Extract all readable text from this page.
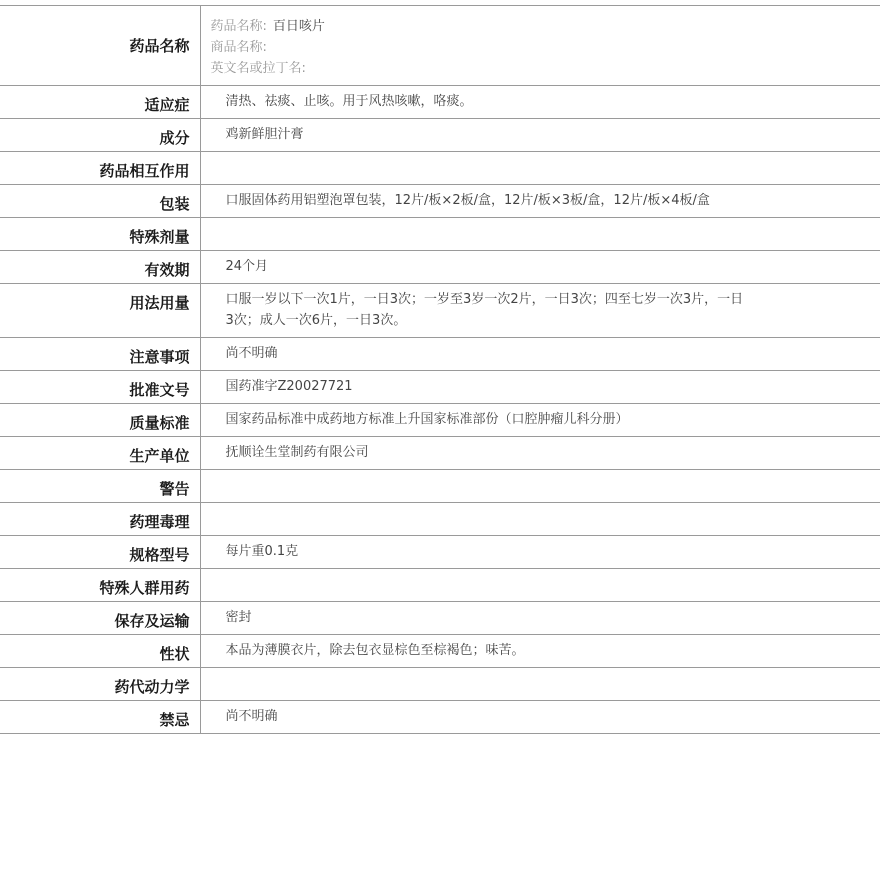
药品名称	药品名称: 百日咳片
商品名称:
英文名或拉丁名:

适应症	清热、祛痰、止咳。用于风热咳嗽，咯痰。
成分	鸡新鲜胆汁膏
药品相互作用	
包装	口服固体药用铝塑泡罩包装，12片/板×2板/盒，12片/板×3板/盒，12片/板×4板/盒
特殊剂量	
有效期	24个月
用法用量	口服一岁以下一次1片，一日3次；一岁至3岁一次2片，一日3次；四至七岁一次3片，一日3次；成人一次6片，一日3次。
注意事项	尚不明确
批准文号	国药准字Z20027721
质量标准	国家药品标准中成药地方标准上升国家标准部份（口腔肿瘤儿科分册）
生产单位	抚顺诠生堂制药有限公司
警告	
药理毒理	
规格型号	每片重0.1克
特殊人群用药	
保存及运输	密封
性状	本品为薄膜衣片，除去包衣显棕色至棕褐色；味苦。
药代动力学	
禁忌	尚不明确
